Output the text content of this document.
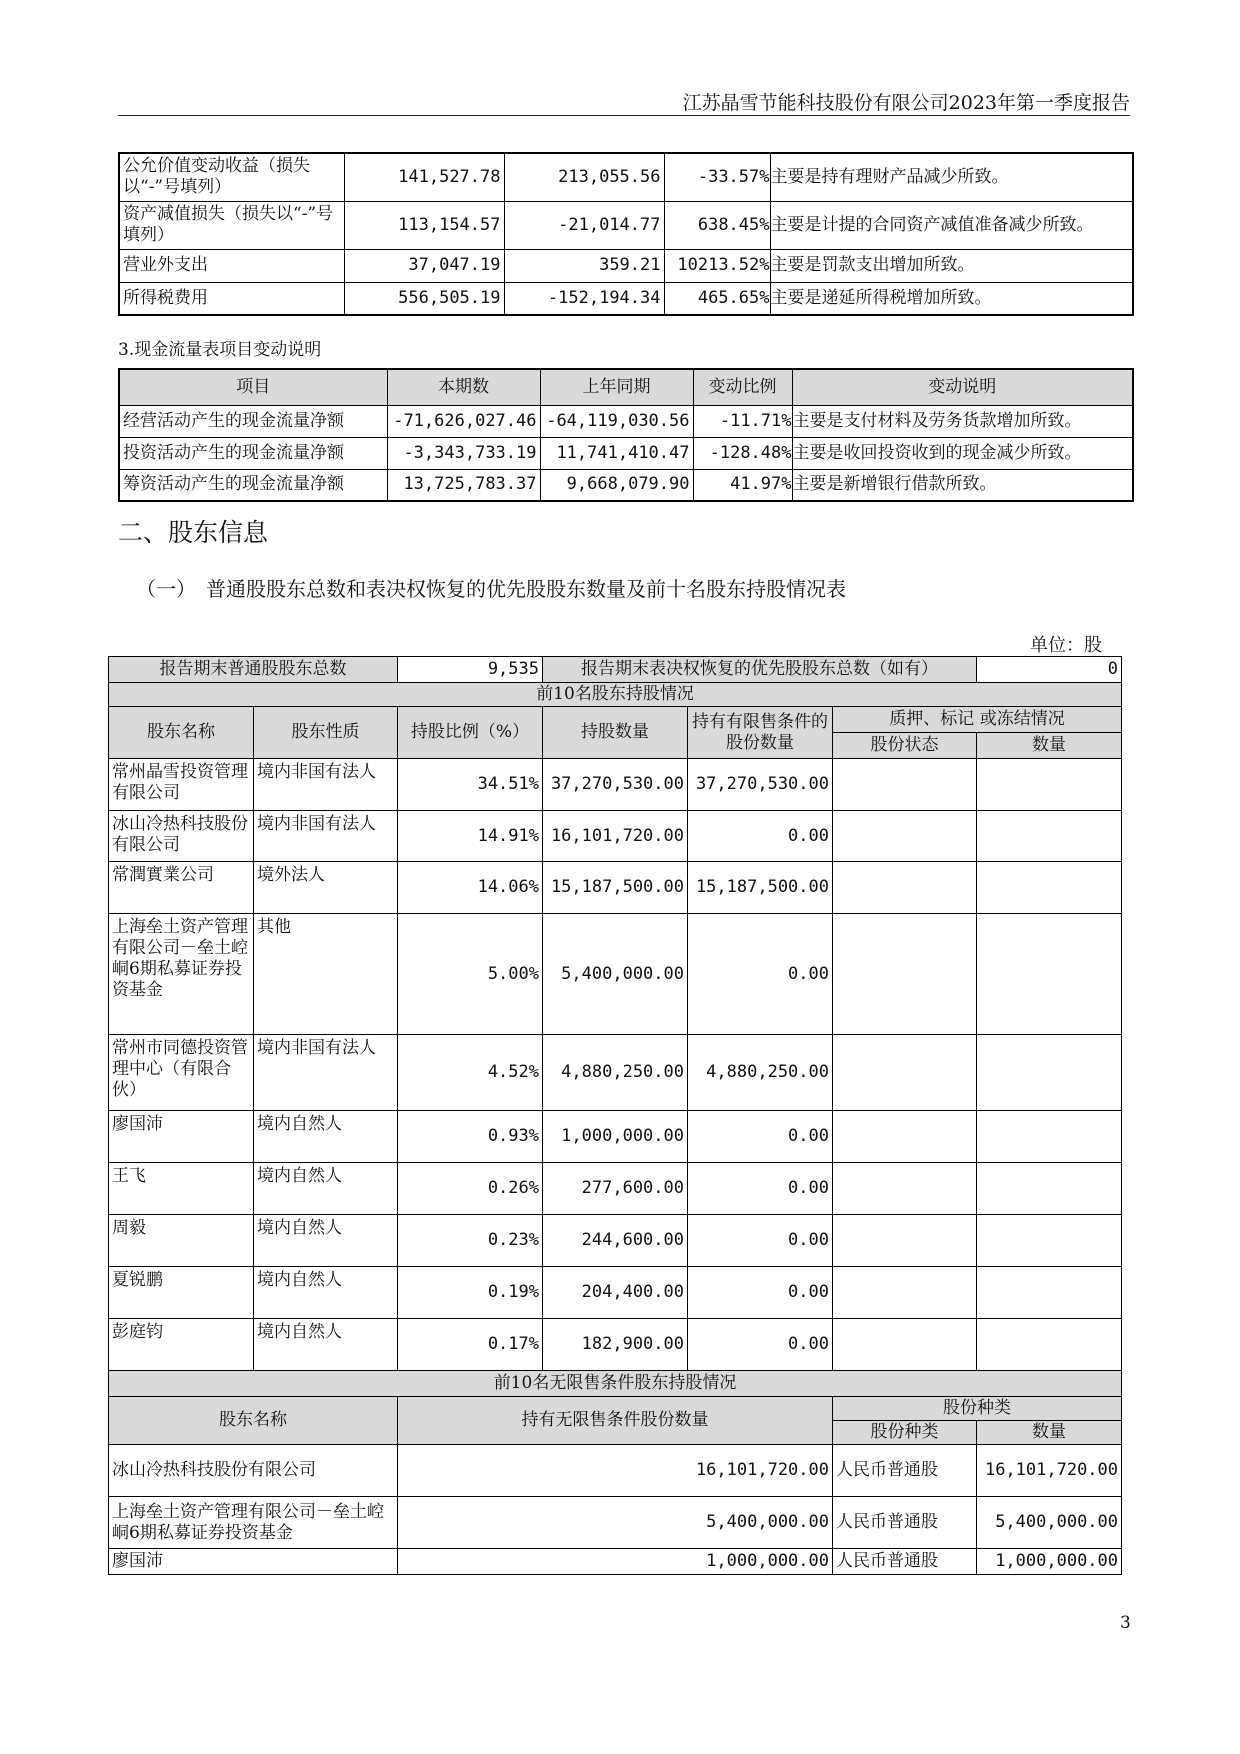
江苏晶雪节能科技股份有限公司2023年第一季度报告
公允价值变动收益（损失以“-”号填列）	141,527.78	213,055.56	-33.57%	主要是持有理财产品减少所致。
资产减值损失（损失以“-”号填列）	113,154.57	-21,014.77	638.45%	主要是计提的合同资产减值准备减少所致。
营业外支出	37,047.19	359.21	10213.52%	主要是罚款支出增加所致。
所得税费用	556,505.19	-152,194.34	465.65%	主要是递延所得税增加所致。
3.现金流量表项目变动说明
项目	本期数	上年同期	变动比例	变动说明
经营活动产生的现金流量净额	-71,626,027.46	-64,119,030.56	-11.71%	主要是支付材料及劳务货款增加所致。
投资活动产生的现金流量净额	-3,343,733.19	11,741,410.47	-128.48%	主要是收回投资收到的现金减少所致。
筹资活动产生的现金流量净额	13,725,783.37	9,668,079.90	41.97%	主要是新增银行借款所致。
二、股东信息
（一）　普通股股东总数和表决权恢复的优先股股东数量及前十名股东持股情况表
单位：股
报告期末普通股股东总数		9,535	报告期末表决权恢复的优先股股东总数（如有）			0
前10名股东持股情况						
股东名称	股东性质	持股比例（%）	持股数量	持有有限售条件的股份数量	质押、标记 或冻结情况	
					股份状态	数量
常州晶雪投资管理有限公司	境内非国有法人	34.51%	37,270,530.00	37,270,530.00		
冰山冷热科技股份有限公司	境内非国有法人	14.91%	16,101,720.00	0.00		
常潤實業公司	境外法人	14.06%	15,187,500.00	15,187,500.00		
上海垒土资产管理有限公司－垒土崆峒6期私募证券投资基金	其他	5.00%	5,400,000.00	0.00		
常州市同德投资管理中心（有限合伙）	境内非国有法人	4.52%	4,880,250.00	4,880,250.00		
廖国沛	境内自然人	0.93%	1,000,000.00	0.00		
王飞	境内自然人	0.26%	277,600.00	0.00		
周毅	境内自然人	0.23%	244,600.00	0.00		
夏锐鹏	境内自然人	0.19%	204,400.00	0.00		
彭庭钧	境内自然人	0.17%	182,900.00	0.00		
前10名无限售条件股东持股情况						
股东名称		持有无限售条件股份数量			股份种类	
					股份种类	数量
冰山冷热科技股份有限公司		16,101,720.00			人民币普通股	16,101,720.00
上海垒土资产管理有限公司－垒土崆峒6期私募证券投资基金		5,400,000.00			人民币普通股	5,400,000.00
廖国沛		1,000,000.00			人民币普通股	1,000,000.00
3
